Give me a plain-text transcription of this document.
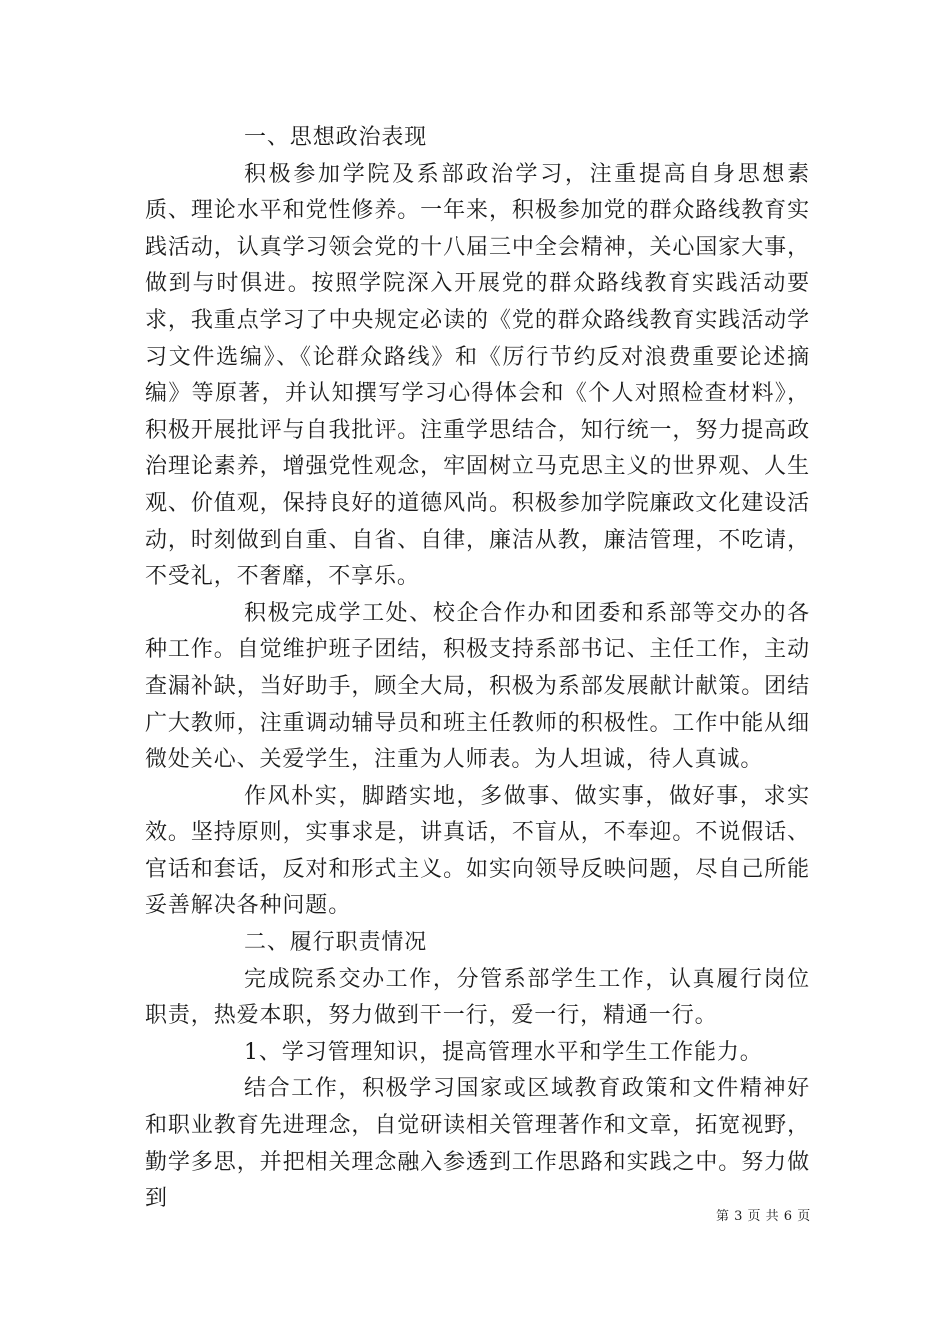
一、思想政治表现

积极参加学院及系部政治学习，注重提高自身思想素质、理论水平和党性修养。一年来，积极参加党的群众路线教育实践活动，认真学习领会党的十八届三中全会精神，关心国家大事，做到与时俱进。按照学院深入开展党的群众路线教育实践活动要求，我重点学习了中央规定必读的《党的群众路线教育实践活动学习文件选编》、《论群众路线》和《厉行节约反对浪费重要论述摘编》等原著，并认知撰写学习心得体会和《个人对照检查材料》，积极开展批评与自我批评。注重学思结合，知行统一，努力提高政治理论素养，增强党性观念，牢固树立马克思主义的世界观、人生观、价值观，保持良好的道德风尚。积极参加学院廉政文化建设活动，时刻做到自重、自省、自律，廉洁从教，廉洁管理，不吃请，不受礼，不奢靡，不享乐。

积极完成学工处、校企合作办和团委和系部等交办的各种工作。自觉维护班子团结，积极支持系部书记、主任工作，主动查漏补缺，当好助手，顾全大局，积极为系部发展献计献策。团结广大教师，注重调动辅导员和班主任教师的积极性。工作中能从细微处关心、关爱学生，注重为人师表。为人坦诚，待人真诚。

作风朴实，脚踏实地，多做事、做实事，做好事，求实效。坚持原则，实事求是，讲真话，不盲从，不奉迎。不说假话、官话和套话，反对和形式主义。如实向领导反映问题，尽自己所能妥善解决各种问题。

二、履行职责情况

完成院系交办工作，分管系部学生工作，认真履行岗位职责，热爱本职，努力做到干一行，爱一行，精通一行。

1、学习管理知识，提高管理水平和学生工作能力。

结合工作，积极学习国家或区域教育政策和文件精神好和职业教育先进理念，自觉研读相关管理著作和文章，拓宽视野，勤学多思，并把相关理念融入参透到工作思路和实践之中。努力做到

第 3 页 共 6 页
